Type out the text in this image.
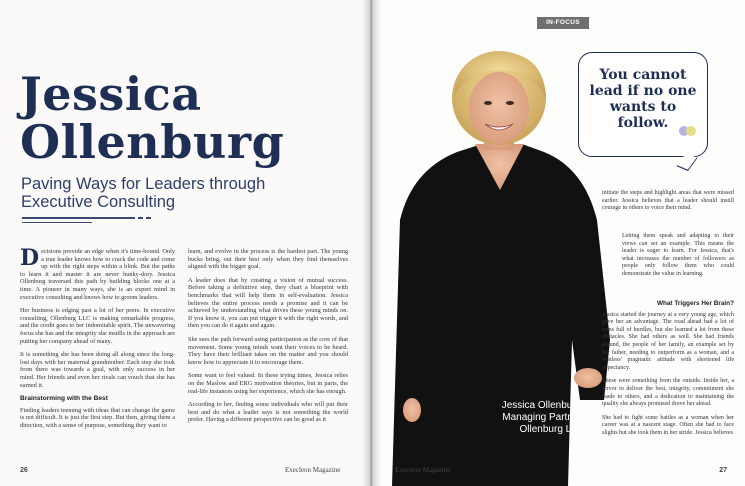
Jessica
Ollenburg
Paving Ways for Leaders through Executive Consulting

Decisions provide an edge when it's time-bound. Only a true leader knows how to crack the code and come up with the right steps within a blink. But the paths to learn it and master it are never hunky-dory. Jessica Ollenburg traversed this path by building blocks one at a time. A pioneer in many ways, she is an expert mind in executive consulting and knows how to groom leaders.

Her business is edging past a lot of her peers. In executive consulting, Ollenburg LLC is making remarkable progress, and the credit goes to her indomitable spirit. The unwavering focus she has and the integrity she instills in the approach are putting her company ahead of many.

It is something she has been doing all along since the long-lost days with her maternal grandmother. Each step she took from there was towards a goal, with only success in her mind. Her friends and even her rivals can vouch that she has earned it.

Brainstorming with the Best

Finding leaders teeming with ideas that can change the game is not difficult. It is just the first step. But then, giving them a direction, with a sense of purpose, something they want to

learn, and evolve in the process is the hardest part. The young bucks bring, out their best only when they find themselves aligned with the bigger goal.

A leader does that by creating a vision of mutual success. Before taking a definitive step, they chart a blueprint with benchmarks that will help them in self-evaluation. Jessica believes the entire process needs a promise and it can be achieved by understanding what drives these young minds on. If you know it, you can put trigger it with the right words, and then you can do it again and again.

She sees the path forward using participation as the core of that movement. Some young minds want their voices to be heard. They have their brilliant takes on the matter and you should know how to appreciate it to encourage them.

Some want to feel valued. In these trying times, Jessica relies on the Maslow and ERG motivation theories, but in parts, the real-life instances using her experience, which she has enough.

According to her, finding some individuals who will put their best and do what a leader says is not something the world prefer. Having a different perspective can be good as it

26	Execleon Magazine
IN-FOCUS
You cannot lead if no one wants to follow.
Jessica Ollenburg,
Managing Partner,
Ollenburg LLC

initiate the steps and highlight areas that were missed earlier. Jessica believes that a leader should instill courage in others to voice their mind.

Letting them speak and adapting to their views can set an example. This means the leader is eager to learn. For Jessica, that's what increases the number of followers as people only follow them who could demonstrate the value in learning.

What Triggers Her Brain?

Jessica started the journey at a very young age, which gave her an advantage. The road ahead had a lot of turns full of hurdles, but she learned a lot from these obstacles. She had others as well. She had friends around, the people of her family, an example set by her father, needing to outperform as a woman, and a 'restless' pragmatic attitude with shortened life expectancy.

These were something from the outside. Inside her, a fervor to deliver the best, integrity, commitment she made to others, and a dedication to maintaining the quality she always promised drove her ahead.

She had to fight some battles as a woman when her career was at a nascent stage. Often she had to face slights but she took them in her stride. Jessica believes

Execleon Magazine	27
